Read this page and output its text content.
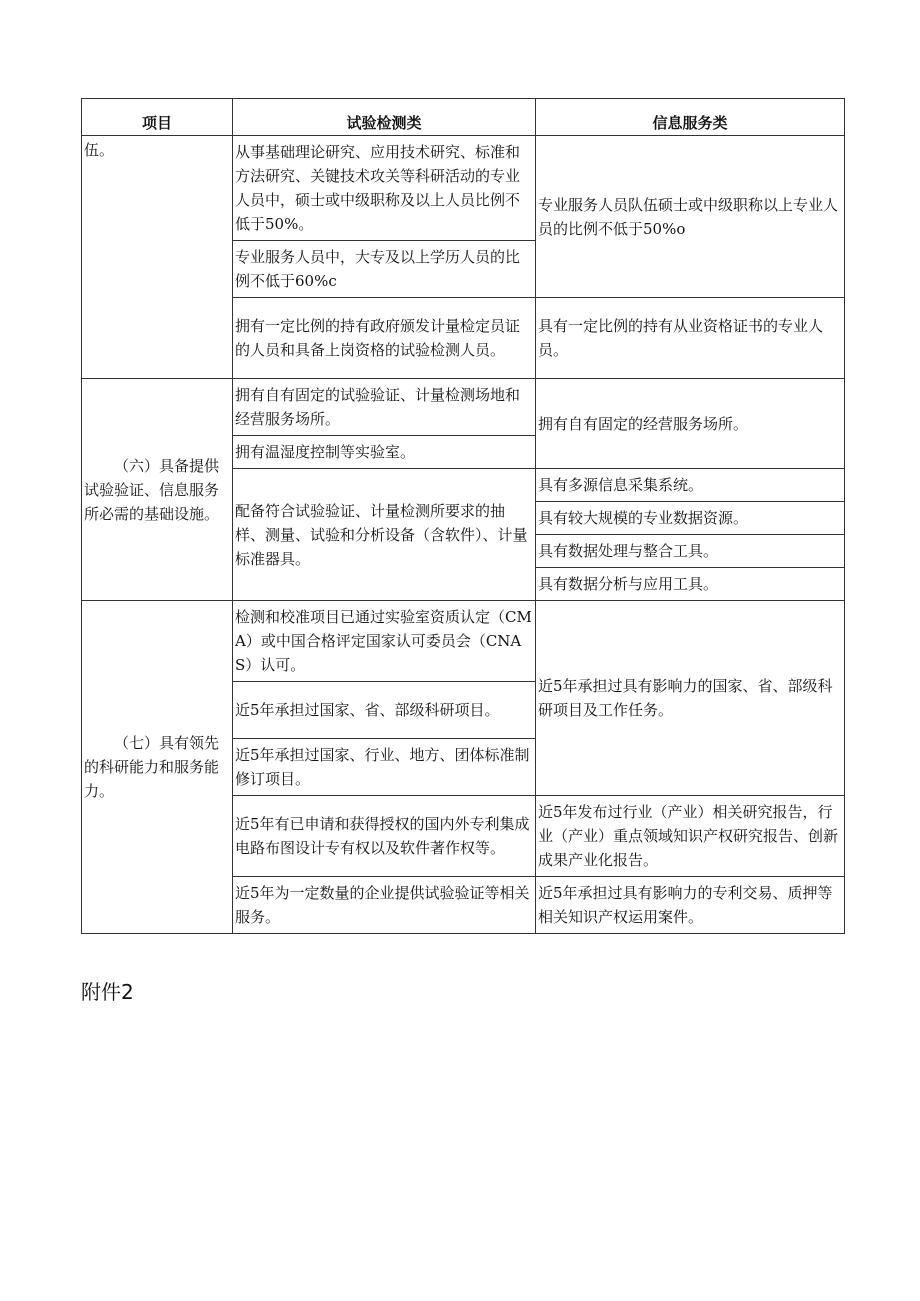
项目	试验检测类	信息服务类
伍。	从事基础理论研究、应用技术研究、标准和方法研究、关键技术攻关等科研活动的专业人员中，硕士或中级职称及以上人员比例不低于50%。	专业服务人员队伍硕士或中级职称以上专业人员的比例不低于50%o
	专业服务人员中，大专及以上学历人员的比例不低于60%c	
	拥有一定比例的持有政府颁发计量检定员证的人员和具备上岗资格的试验检测人员。	具有一定比例的持有从业资格证书的专业人员。
（六）具备提供试验验证、信息服务所必需的基础设施。	拥有自有固定的试验验证、计量检测场地和经营服务场所。	拥有自有固定的经营服务场所。
	拥有温湿度控制等实验室。	
	配备符合试验验证、计量检测所要求的抽样、测量、试验和分析设备（含软件）、计量标准器具。	具有多源信息采集系统。
		具有较大规模的专业数据资源。
		具有数据处理与整合工具。
		具有数据分析与应用工具。
（七）具有领先的科研能力和服务能力。	检测和校准项目已通过实验室资质认定（CMA）或中国合格评定国家认可委员会（CNAS）认可。	近5年承担过具有影响力的国家、省、部级科研项目及工作任务。
	近5年承担过国家、省、部级科研项目。	
	近5年承担过国家、行业、地方、团体标准制修订项目。	
	近5年有已申请和获得授权的国内外专利集成电路布图设计专有权以及软件著作权等。	近5年发布过行业（产业）相关研究报告，行业（产业）重点领域知识产权研究报告、创新成果产业化报告。
	近5年为一定数量的企业提供试验验证等相关服务。	近5年承担过具有影响力的专利交易、质押等相关知识产权运用案件。
附件2
